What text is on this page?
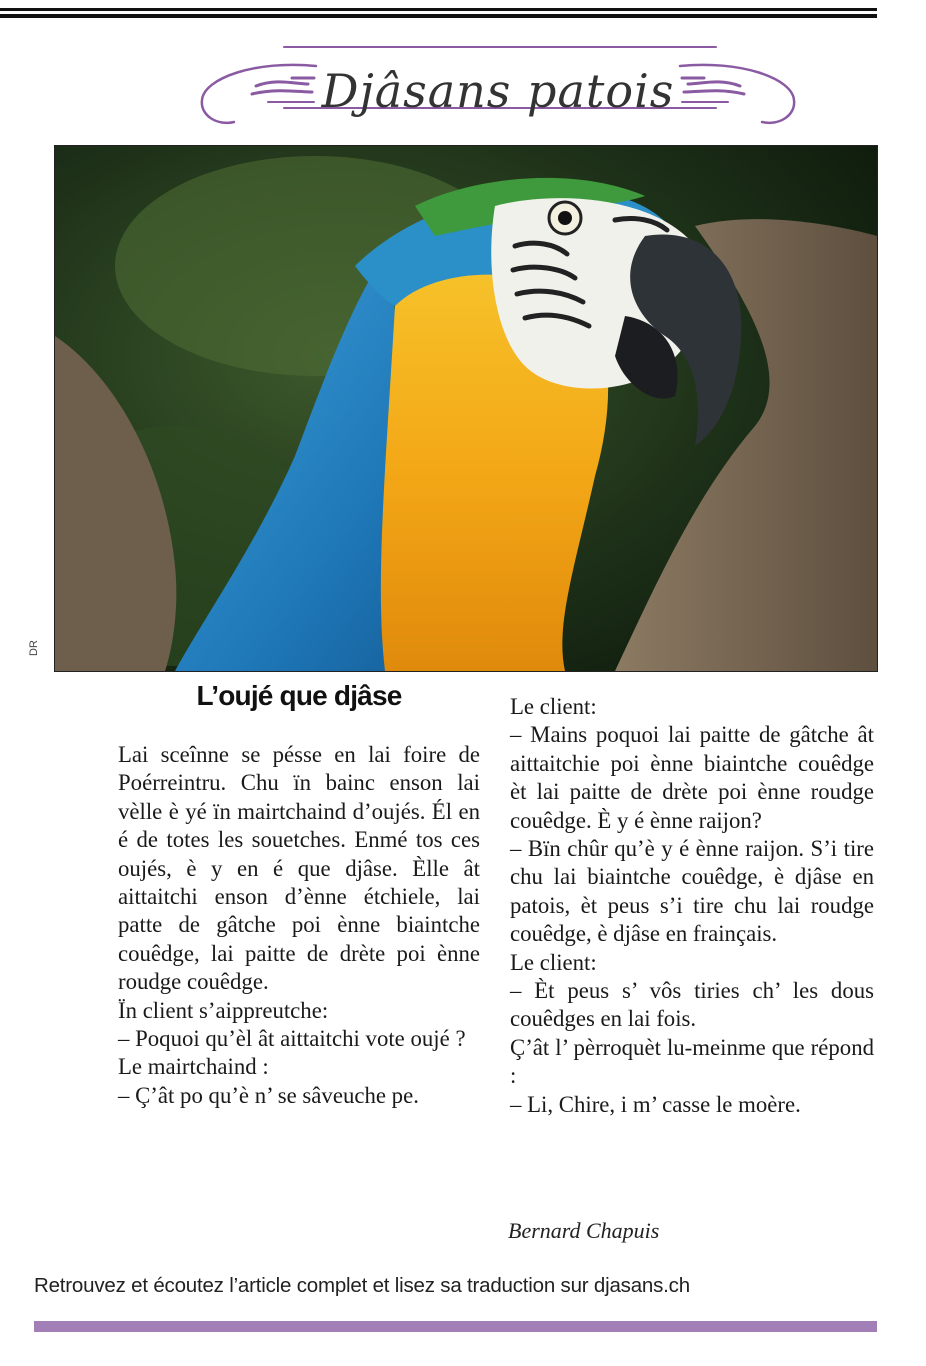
Djâsans patois
DR
L’oujé que djâse

Lai sceînne se pésse en lai foire de Poérreintru. Chu ïn bainc enson lai vèlle è yé ïn mairtchaind d’oujés. Él en é de totes les souetches. Enmé tos ces oujés, è y en é que djâse. Èlle ât aittaitchi enson d’ènne étchiele, lai patte de gâtche poi ènne biaintche couêdge, lai paitte de drète poi ènne roudge couêdge.

Ïn client s’aippreutche:

– Poquoi qu’èl ât aittaitchi vote oujé ?

Le mairtchaind :

– Ç’ât po qu’è n’ se sâveuche pe.

Le client:

– Mains poquoi lai paitte de gâtche ât aittaitchie poi ènne biaintche couêdge èt lai paitte de drète poi ènne roudge couêdge. È y é ènne raijon?

– Bïn chûr qu’è y é ènne raijon. S’i tire chu lai biaintche couêdge, è djâse en patois, èt peus s’i tire chu lai roudge couêdge, è djâse en frainçais.

Le client:

– Èt peus s’ vôs tiries ch’ les dous couêdges en lai fois.

Ç’ât l’ pèrroquèt lu-meinme que répond :

– Li, Chire, i m’ casse le moère.

Bernard Chapuis
Retrouvez et écoutez l’article complet et lisez sa traduction sur djasans.ch
